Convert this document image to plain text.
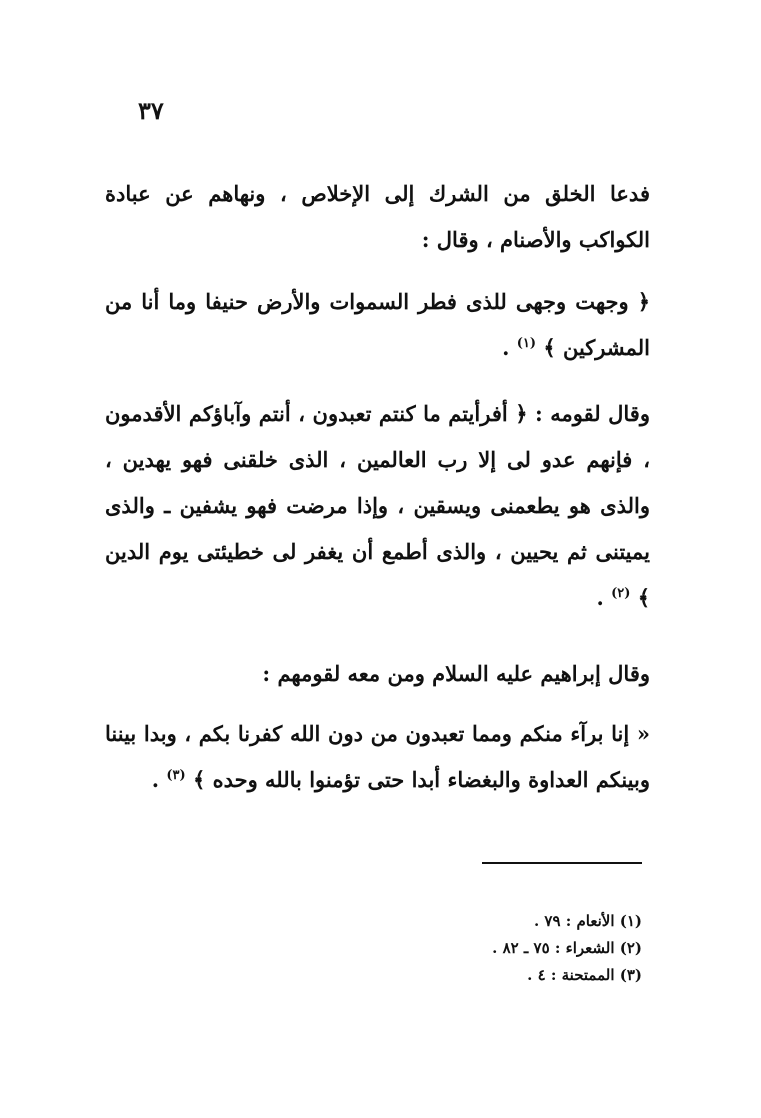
٣٧

فدعا الخلق من الشرك إلى الإخلاص ، ونهاهم عن عبادة الكواكب والأصنام ، وقال :

﴿ وجهت وجهى للذى فطر السموات والأرض حنيفا وما أنا من المشركين ﴾ $^{(١)}$ .

وقال لقومه : ﴿ أفرأيتم ما كنتم تعبدون ، أنتم وآباؤكم الأقدمون ، فإنهم عدو لى إلا رب العالمين ، الذى خلقنى فهو يهدين ، والذى هو يطعمنى ويسقين ، وإذا مرضت فهو يشفين ـ والذى يميتنى ثم يحيين ، والذى أطمع أن يغفر لى خطيئتى يوم الدين ﴾ $^{(٢)}$ .

وقال إبراهيم عليه السلام ومن معه لقومهم :

« إنا برآء منكم ومما تعبدون من دون الله كفرنا بكم ، وبدا بيننا وبينكم العداوة والبغضاء أبدا حتى تؤمنوا بالله وحده ﴾ $^{(٣)}$ .

(١) الأنعام : ٧٩ .
(٢) الشعراء : ٧٥ ـ ٨٢ .
(٣) الممتحنة : ٤ .
